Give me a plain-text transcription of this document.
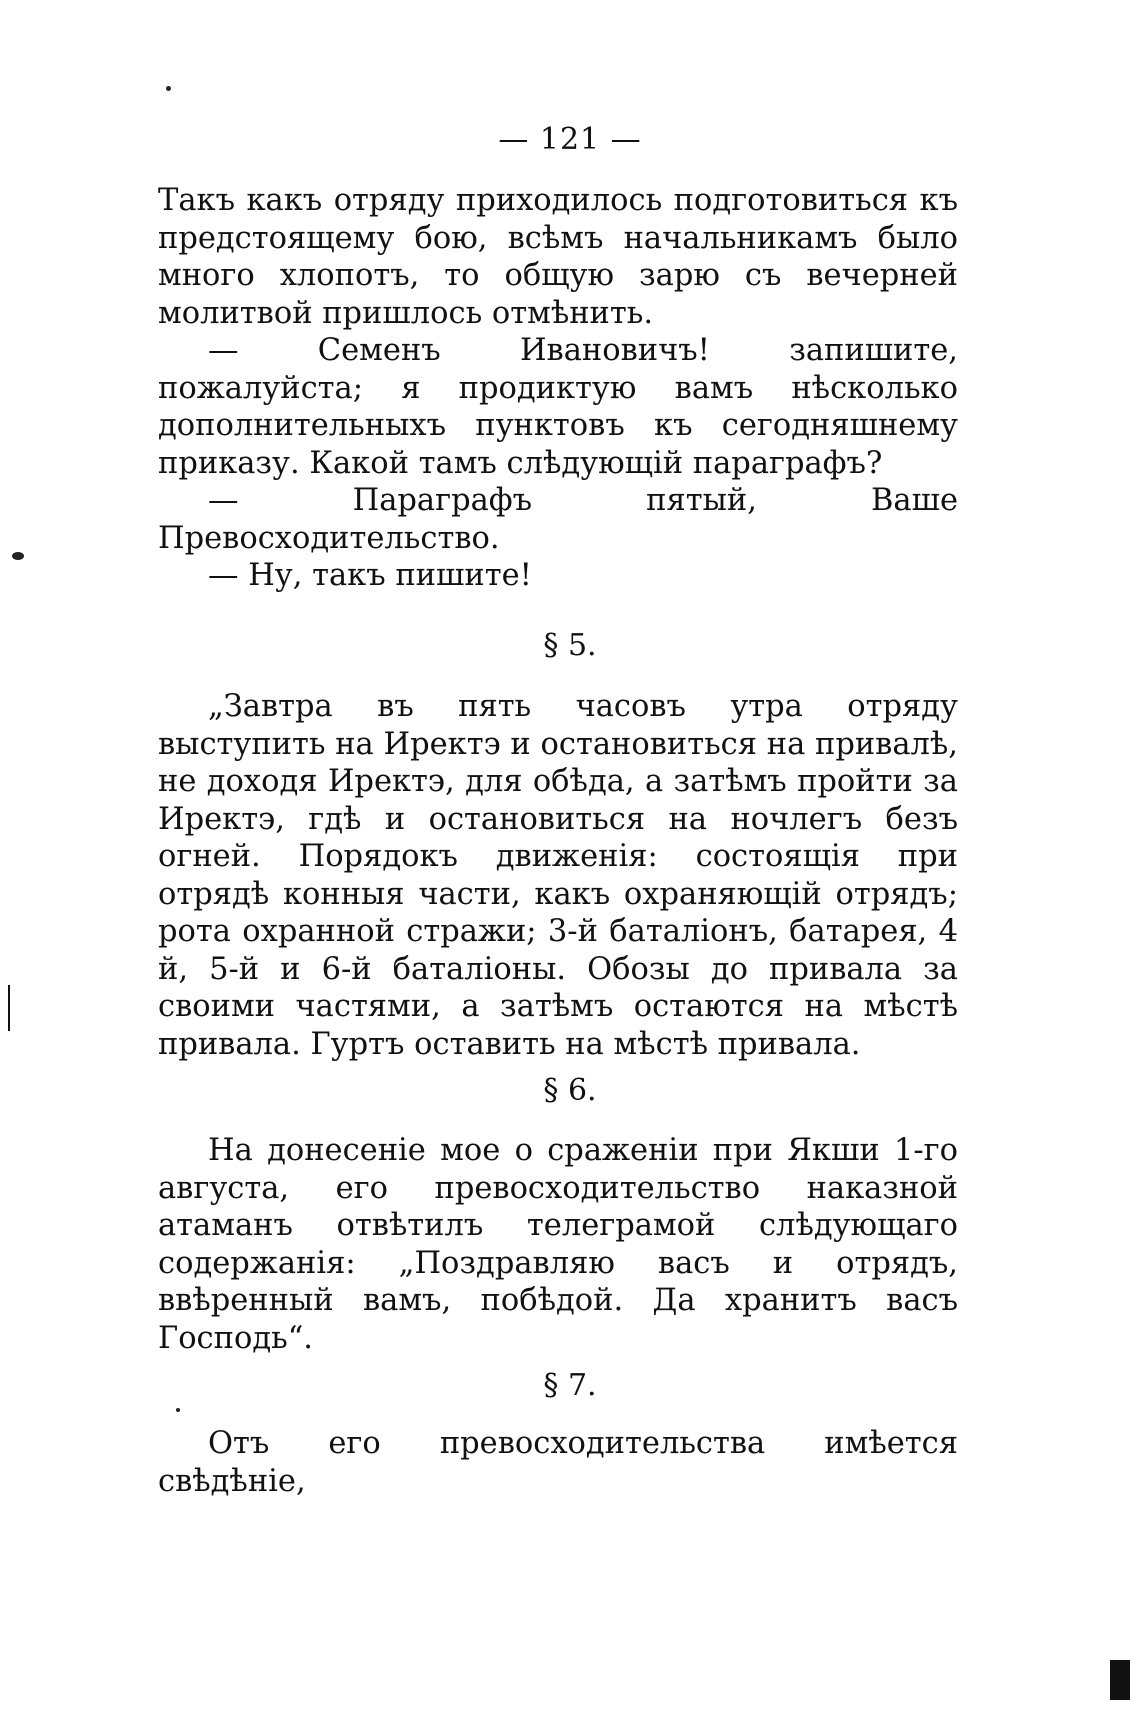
— 121 —

Такъ какъ отряду приходилось подготовиться къ предстоящему бою, всѣмъ начальникамъ было много хлопотъ, то общую зарю съ вечерней молитвой пришлось отмѣнить.

— Семенъ Ивановичъ! запишите, пожалуйста; я продиктую вамъ нѣсколько дополнительныхъ пунктовъ къ сегодняшнему приказу. Какой тамъ слѣдующій параграфъ?

— Параграфъ пятый, Ваше Превосходительство.

— Ну, такъ пишите!

§ 5.

„Завтра въ пять часовъ утра отряду выступить на Иректэ и остановиться на привалѣ, не доходя Иректэ, для обѣда, а затѣмъ пройти за Иректэ, гдѣ и остановиться на ночлегъ безъ огней. Порядокъ движенія: состоящія при отрядѣ конныя части, какъ охраняющій отрядъ; рота охранной стражи; 3-й баталіонъ, батарея, 4 й, 5-й и 6-й баталіоны. Обозы до привала за своими частями, а затѣмъ остаются на мѣстѣ привала. Гуртъ оставить на мѣстѣ привала.

§ 6.

На донесеніе мое о сраженіи при Якши 1-го августа, его превосходительство наказной атаманъ отвѣтилъ телеграмой слѣдующаго содержанія: „Поздравляю васъ и отрядъ, ввѣренный вамъ, побѣдой. Да хранитъ васъ Господь“.

§ 7.

Отъ его превосходительства имѣется свѣдѣніе,
